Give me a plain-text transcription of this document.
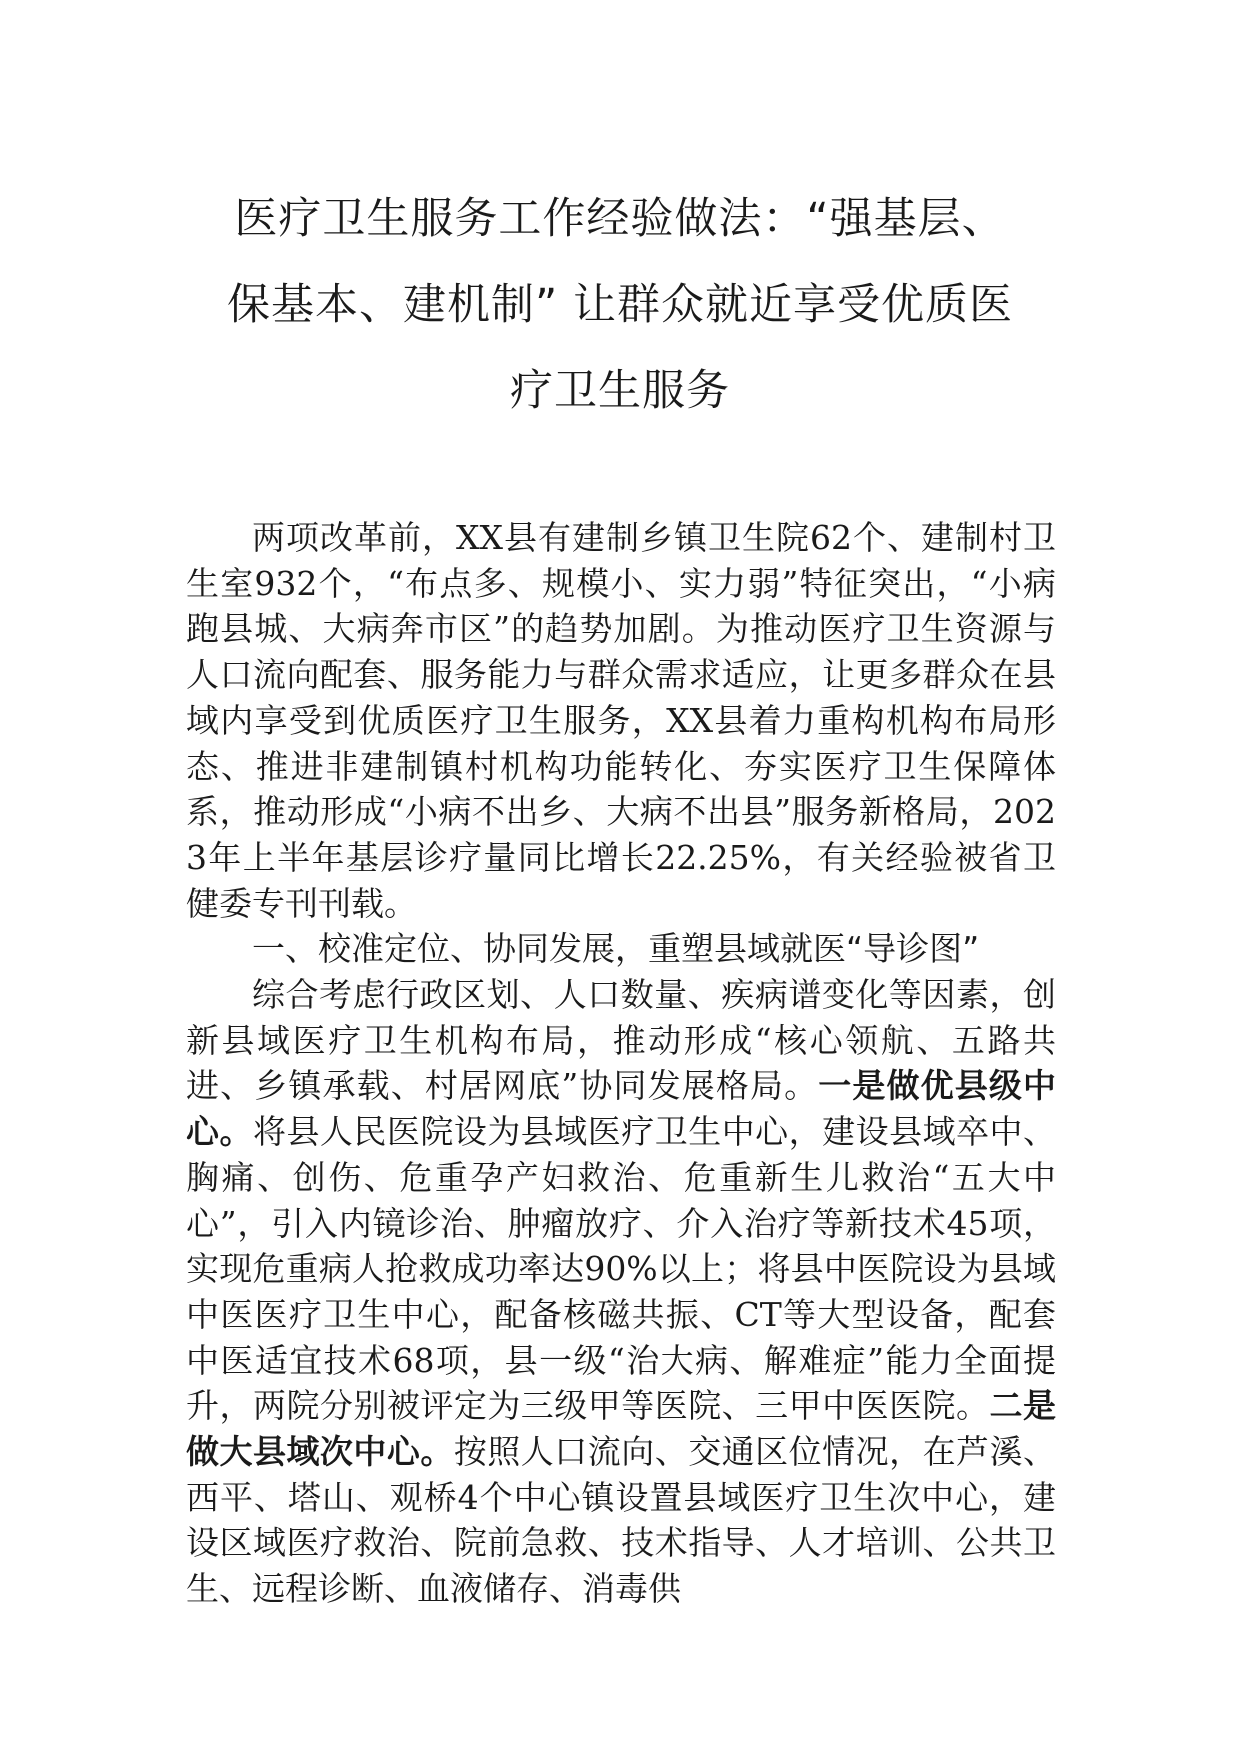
医疗卫生服务工作经验做法：“强基层、
保基本、建机制” 让群众就近享受优质医
疗卫生服务

两项改革前，XX县有建制乡镇卫生院62个、建制村卫生室932个，“布点多、规模小、实力弱”特征突出，“小病跑县城、大病奔市区”的趋势加剧。为推动医疗卫生资源与人口流向配套、服务能力与群众需求适应，让更多群众在县域内享受到优质医疗卫生服务，XX县着力重构机构布局形态、推进非建制镇村机构功能转化、夯实医疗卫生保障体系，推动形成“小病不出乡、大病不出县”服务新格局，2023年上半年基层诊疗量同比增长22.25%，有关经验被省卫健委专刊刊载。

一、校准定位、协同发展，重塑县域就医“导诊图”

综合考虑行政区划、人口数量、疾病谱变化等因素，创新县域医疗卫生机构布局，推动形成“核心领航、五路共进、乡镇承载、村居网底”协同发展格局。一是做优县级中心。将县人民医院设为县域医疗卫生中心，建设县域卒中、胸痛、创伤、危重孕产妇救治、危重新生儿救治“五大中心”，引入内镜诊治、肿瘤放疗、介入治疗等新技术45项，实现危重病人抢救成功率达90%以上；将县中医院设为县域中医医疗卫生中心，配备核磁共振、CT等大型设备，配套中医适宜技术68项，县一级“治大病、解难症”能力全面提升，两院分别被评定为三级甲等医院、三甲中医医院。二是做大县域次中心。按照人口流向、交通区位情况，在芦溪、西平、塔山、观桥4个中心镇设置县域医疗卫生次中心，建设区域医疗救治、院前急救、技术指导、人才培训、公共卫生、远程诊断、血液储存、消毒供
